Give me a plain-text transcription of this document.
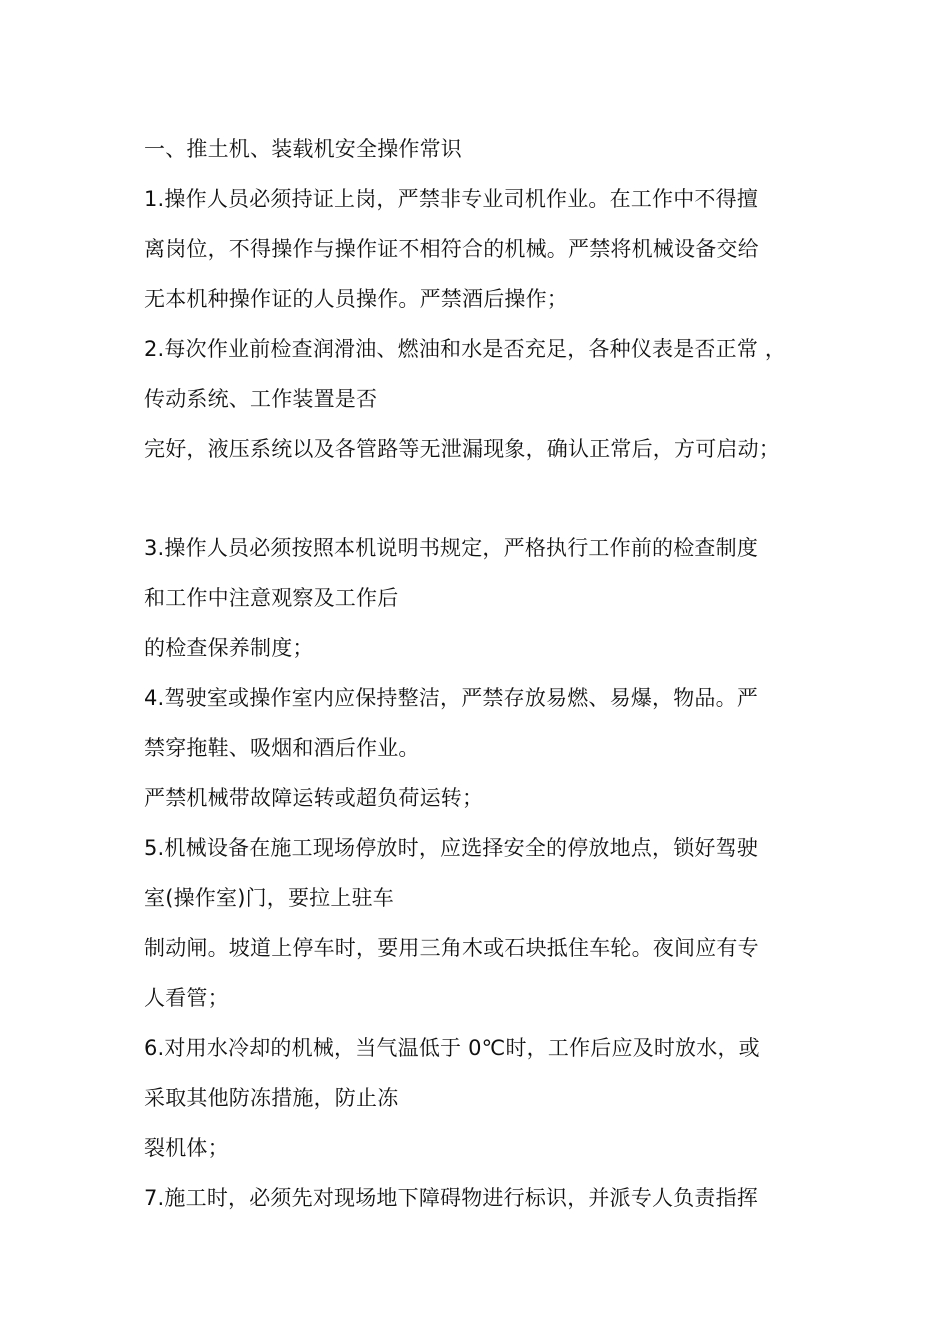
一、推土机、装载机安全操作常识
1.操作人员必须持证上岗，严禁非专业司机作业。在工作中不得擅
离岗位，不得操作与操作证不相符合的机械。严禁将机械设备交给
无本机种操作证的人员操作。严禁酒后操作；
2.每次作业前检查润滑油、燃油和水是否充足，各种仪表是否正常 ，
传动系统、工作装置是否
完好，液压系统以及各管路等无泄漏现象，确认正常后，方可启动；
3.操作人员必须按照本机说明书规定，严格执行工作前的检查制度
和工作中注意观察及工作后
的检查保养制度；
4.驾驶室或操作室内应保持整洁，严禁存放易燃、易爆，物品。严
禁穿拖鞋、吸烟和酒后作业。
严禁机械带故障运转或超负荷运转；
5.机械设备在施工现场停放时，应选择安全的停放地点，锁好驾驶
室(操作室)门，要拉上驻车
制动闸。坡道上停车时，要用三角木或石块抵住车轮。夜间应有专
人看管；
6.对用水冷却的机械，当气温低于 0℃时，工作后应及时放水，或
采取其他防冻措施，防止冻
裂机体；
7.施工时，必须先对现场地下障碍物进行标识，并派专人负责指挥
